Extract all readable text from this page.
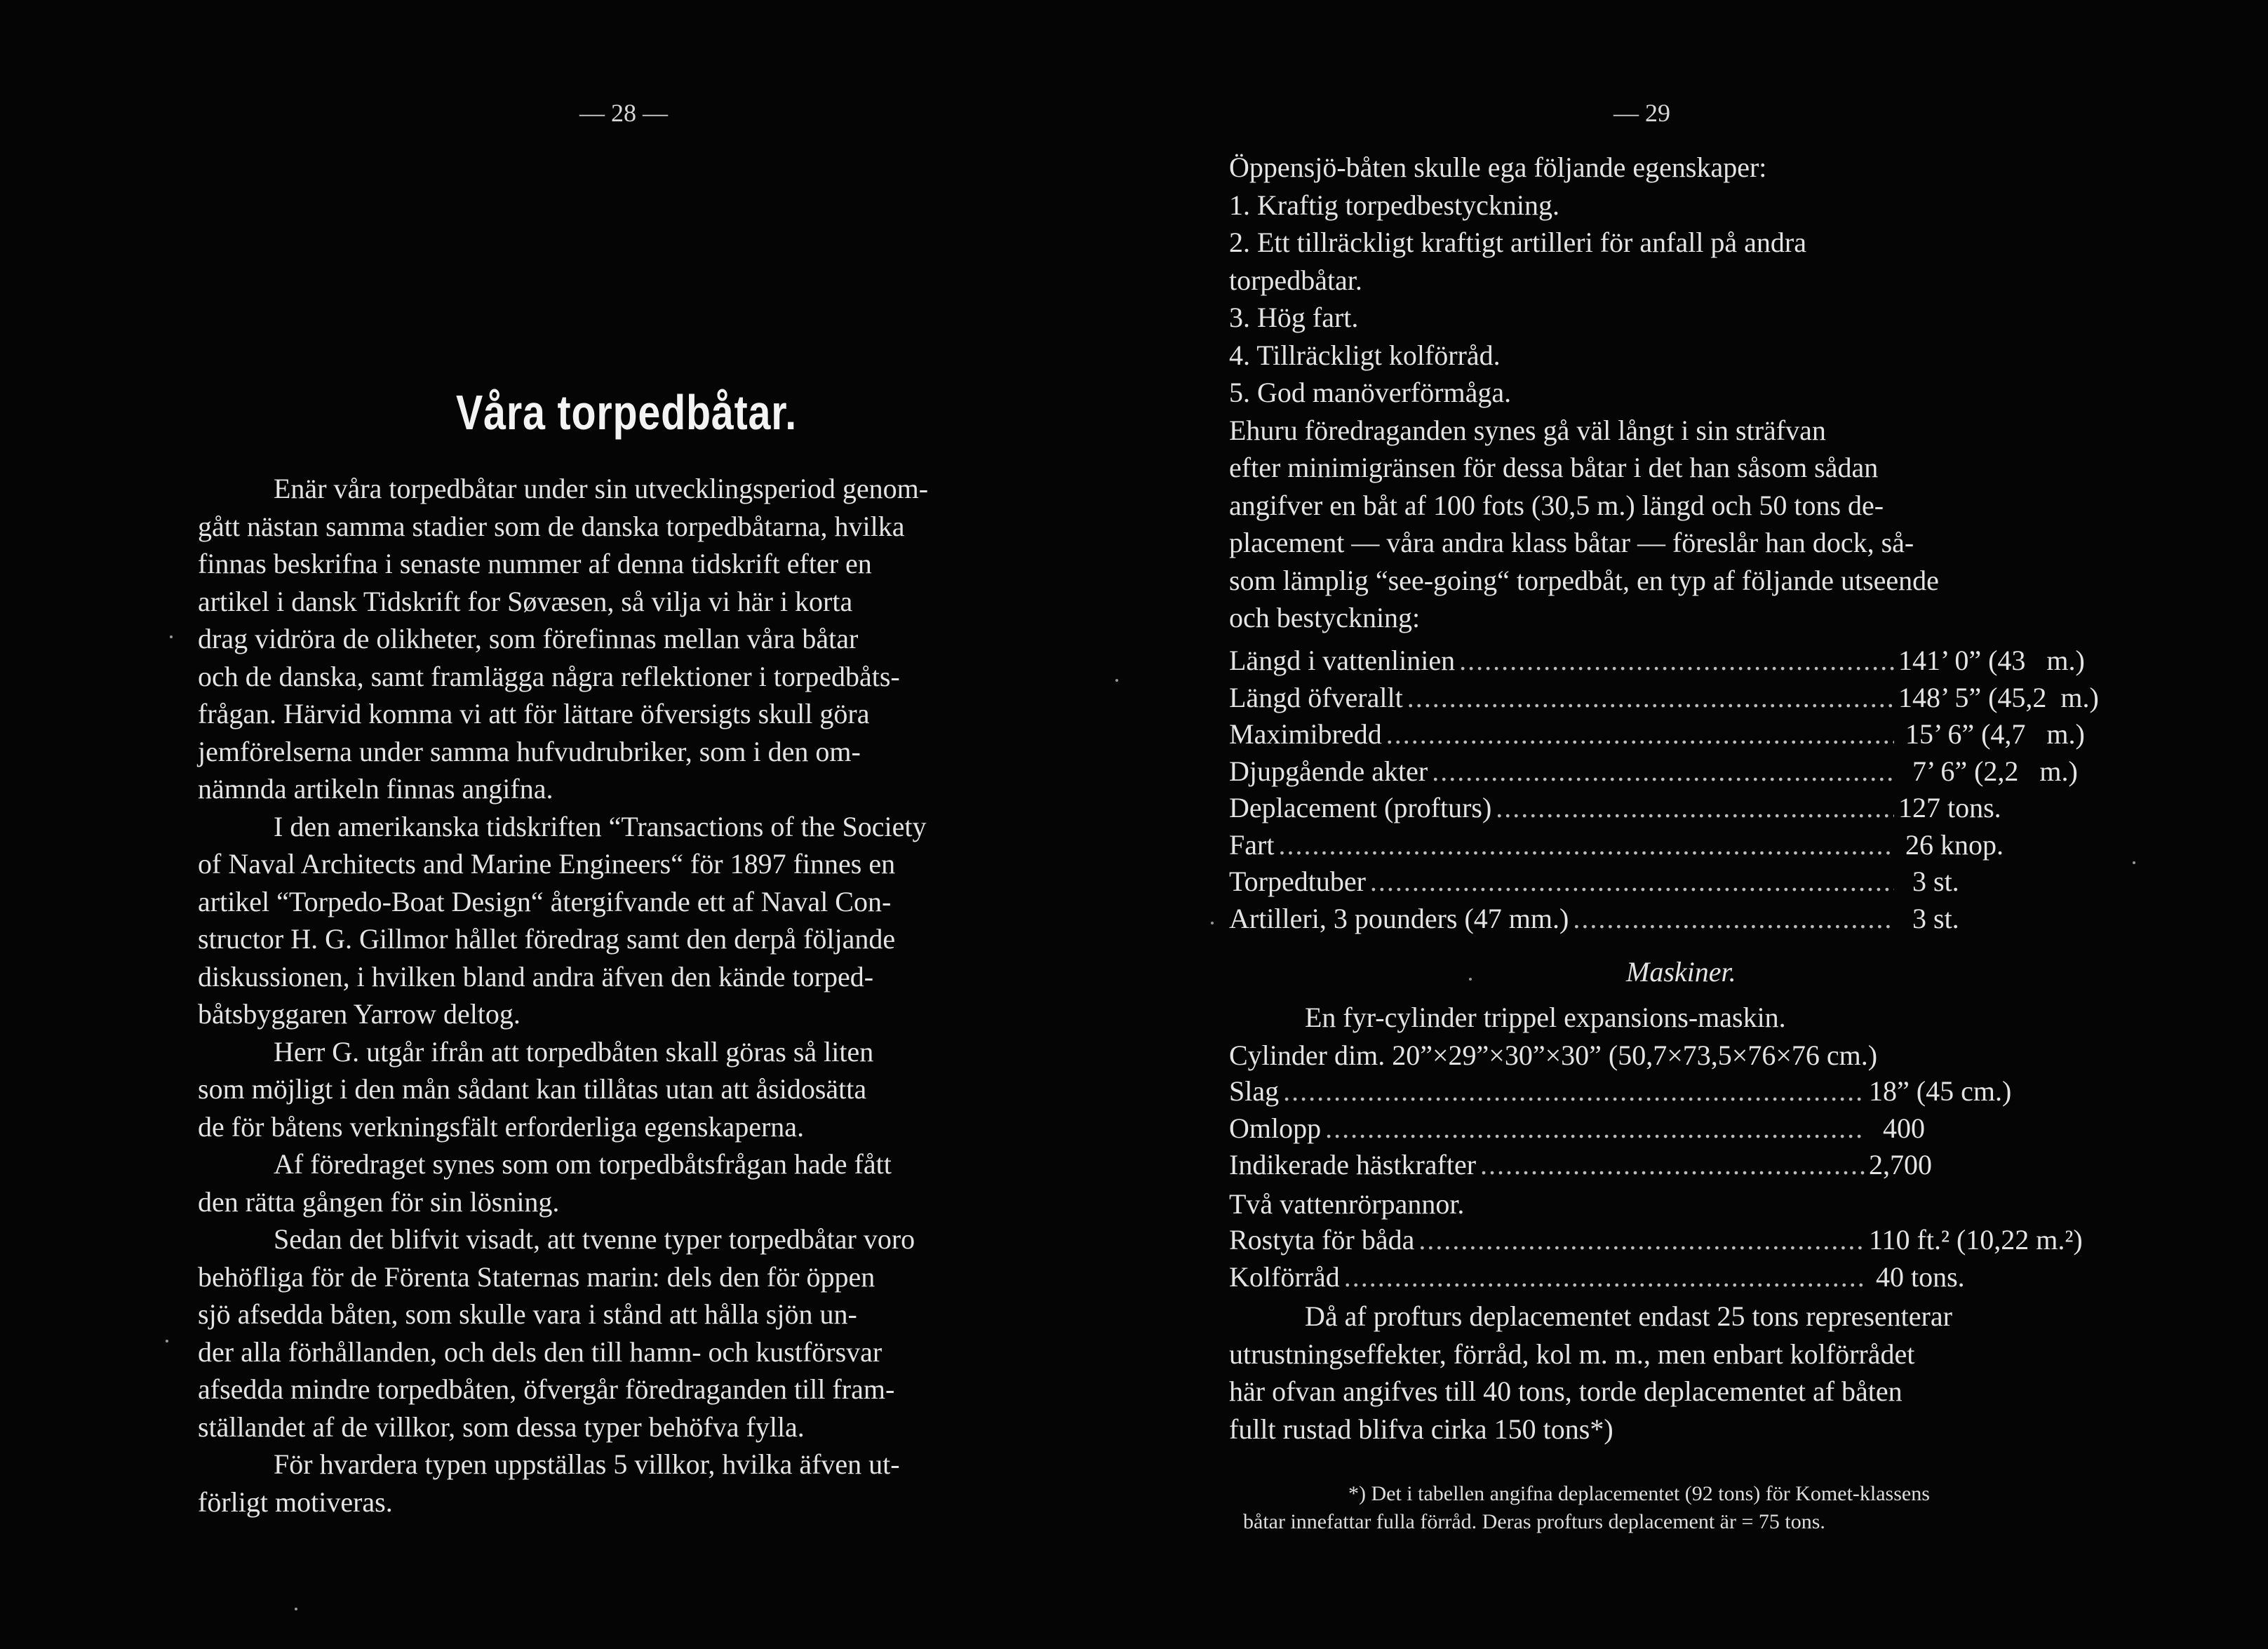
— 28 —
Våra torpedbåtar.
Enär våra torpedbåtar under sin utvecklingsperiod genom-
gått nästan samma stadier som de danska torpedbåtarna, hvilka
finnas beskrifna i senaste nummer af denna tidskrift efter en
artikel i dansk Tidskrift for Søvæsen, så vilja vi här i korta
drag vidröra de olikheter, som förefinnas mellan våra båtar
och de danska, samt framlägga några reflektioner i torpedbåts-
frågan. Härvid komma vi att för lättare öfversigts skull göra
jemförelserna under samma hufvudrubriker, som i den om-
nämnda artikeln finnas angifna.
I den amerikanska tidskriften “Transactions of the Society
of Naval Architects and Marine Engineers“ för 1897 finnes en
artikel “Torpedo-Boat Design“ återgifvande ett af Naval Con-
structor H. G. Gillmor hållet föredrag samt den derpå följande
diskussionen, i hvilken bland andra äfven den kände torped-
båtsbyggaren Yarrow deltog.
Herr G. utgår ifrån att torpedbåten skall göras så liten
som möjligt i den mån sådant kan tillåtas utan att åsidosätta
de för båtens verkningsfält erforderliga egenskaperna.
Af föredraget synes som om torpedbåtsfrågan hade fått
den rätta gången för sin lösning.
Sedan det blifvit visadt, att tvenne typer torpedbåtar voro
behöfliga för de Förenta Staternas marin: dels den för öppen
sjö afsedda båten, som skulle vara i stånd att hålla sjön un-
der alla förhållanden, och dels den till hamn- och kustförsvar
afsedda mindre torpedbåten, öfvergår föredraganden till fram-
ställandet af de villkor, som dessa typer behöfva fylla.
För hvardera typen uppställas 5 villkor, hvilka äfven ut-
förligt motiveras.
— 29
Öppensjö-båten skulle ega följande egenskaper:
1. Kraftig torpedbestyckning.
2. Ett tillräckligt kraftigt artilleri för anfall på andra
torpedbåtar.
3. Hög fart.
4. Tillräckligt kolförråd.
5. God manöverförmåga.
Ehuru föredraganden synes gå väl långt i sin sträfvan
efter minimigränsen för dessa båtar i det han såsom sådan
angifver en båt af 100 fots (30,5 m.) längd och 50 tons de-
placement — våra andra klass båtar — föreslår han dock, så-
som lämplig “see-going“ torpedbåt, en typ af följande utseende
och bestyckning:
Längd i vattenlinien .....	141’ 0” (43   m.)
Längd öfverallt .....	148’ 5” (45,2  m.)
Maximibredd .....	15’ 6” (4,7   m.)
Djupgående akter .....	7’ 6” (2,2   m.)
Deplacement (profturs) .....	127 tons.
Fart .....	26 knop.
Torpedtuber .....	3 st.
Artilleri, 3 pounders (47 mm.) .....	3 st.
Maskiner.
En fyr-cylinder trippel expansions-maskin.
Cylinder dim. 20”×29”×30”×30” (50,7×73,5×76×76 cm.)
Slag .....	18” (45 cm.)
Omlopp .....	400
Indikerade hästkrafter .....	2,700
Två vattenrörpannor.
Rostyta för båda .....	110 ft.² (10,22 m.²)
Kolförråd .....	40 tons.
Då af profturs deplacementet endast 25 tons representerar
utrustningseffekter, förråd, kol m. m., men enbart kolförrådet
här ofvan angifves till 40 tons, torde deplacementet af båten
fullt rustad blifva cirka 150 tons*)
*) Det i tabellen angifna deplacementet (92 tons) för Komet-klassens
båtar innefattar fulla förråd. Deras profturs deplacement är = 75 tons.
